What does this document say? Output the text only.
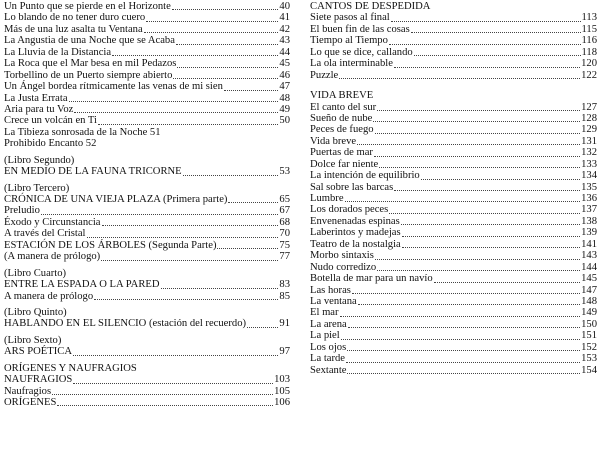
Un Punto que se pierde en el Horizonte	40
Lo blando de no tener duro cuero	41
Más de una luz asalta tu Ventana	42
La Angustia de una Noche que se Acaba	43
La Lluvia de la Distancia	44
La Roca que el Mar besa en mil Pedazos	45
Torbellino de un Puerto siempre abierto	46
Un Ángel bordea rítmicamente las venas de mi sien	47
La Justa Errata	48
Aria para tu Voz	49
Crece un volcán en Ti	50
La Tibieza sonrosada de la Noche 51
Prohibido Encanto 52
(Libro Segundo)
EN MEDIO DE LA FAUNA TRICORNE	53
(Libro Tercero)
CRÓNICA DE UNA VIEJA PLAZA (Primera parte)	65
Preludio	67
Éxodo y Circunstancia	68
A través del Cristal	70
ESTACIÓN DE LOS ÁRBOLES (Segunda Parte)	75
(A manera de prólogo)	77
(Libro Cuarto)
ENTRE LA ESPADA O LA PARED	83
A manera de prólogo	85
(Libro Quinto)
HABLANDO EN EL SILENCIO (estación del recuerdo)	91
(Libro Sexto)
ARS POÉTICA	97
ORÍGENES Y NAUFRAGIOS
NAUFRAGIOS	103
Naufragios	105
ORÍGENES	106
CANTOS DE DESPEDIDA
Siete pasos al final	113
El buen fin de las cosas	115
Tiempo al Tiempo	116
Lo que se dice, callando	118
La ola interminable	120
Puzzle	122
VIDA BREVE
El canto del sur	127
Sueño de nube	128
Peces de fuego	129
Vida breve	131
Puertas de mar	132
Dolce far niente	133
La intención de equilibrio	134
Sal sobre las barcas	135
Lumbre	136
Los dorados peces	137
Envenenadas espinas	138
Laberintos y madejas	139
Teatro de la nostalgia	141
Morbo sintaxis	143
Nudo corredizo	144
Botella de mar para un navío	145
Las horas	147
La ventana	148
El mar	149
La arena	150
La piel	151
Los ojos	152
La tarde	153
Sextante	154
